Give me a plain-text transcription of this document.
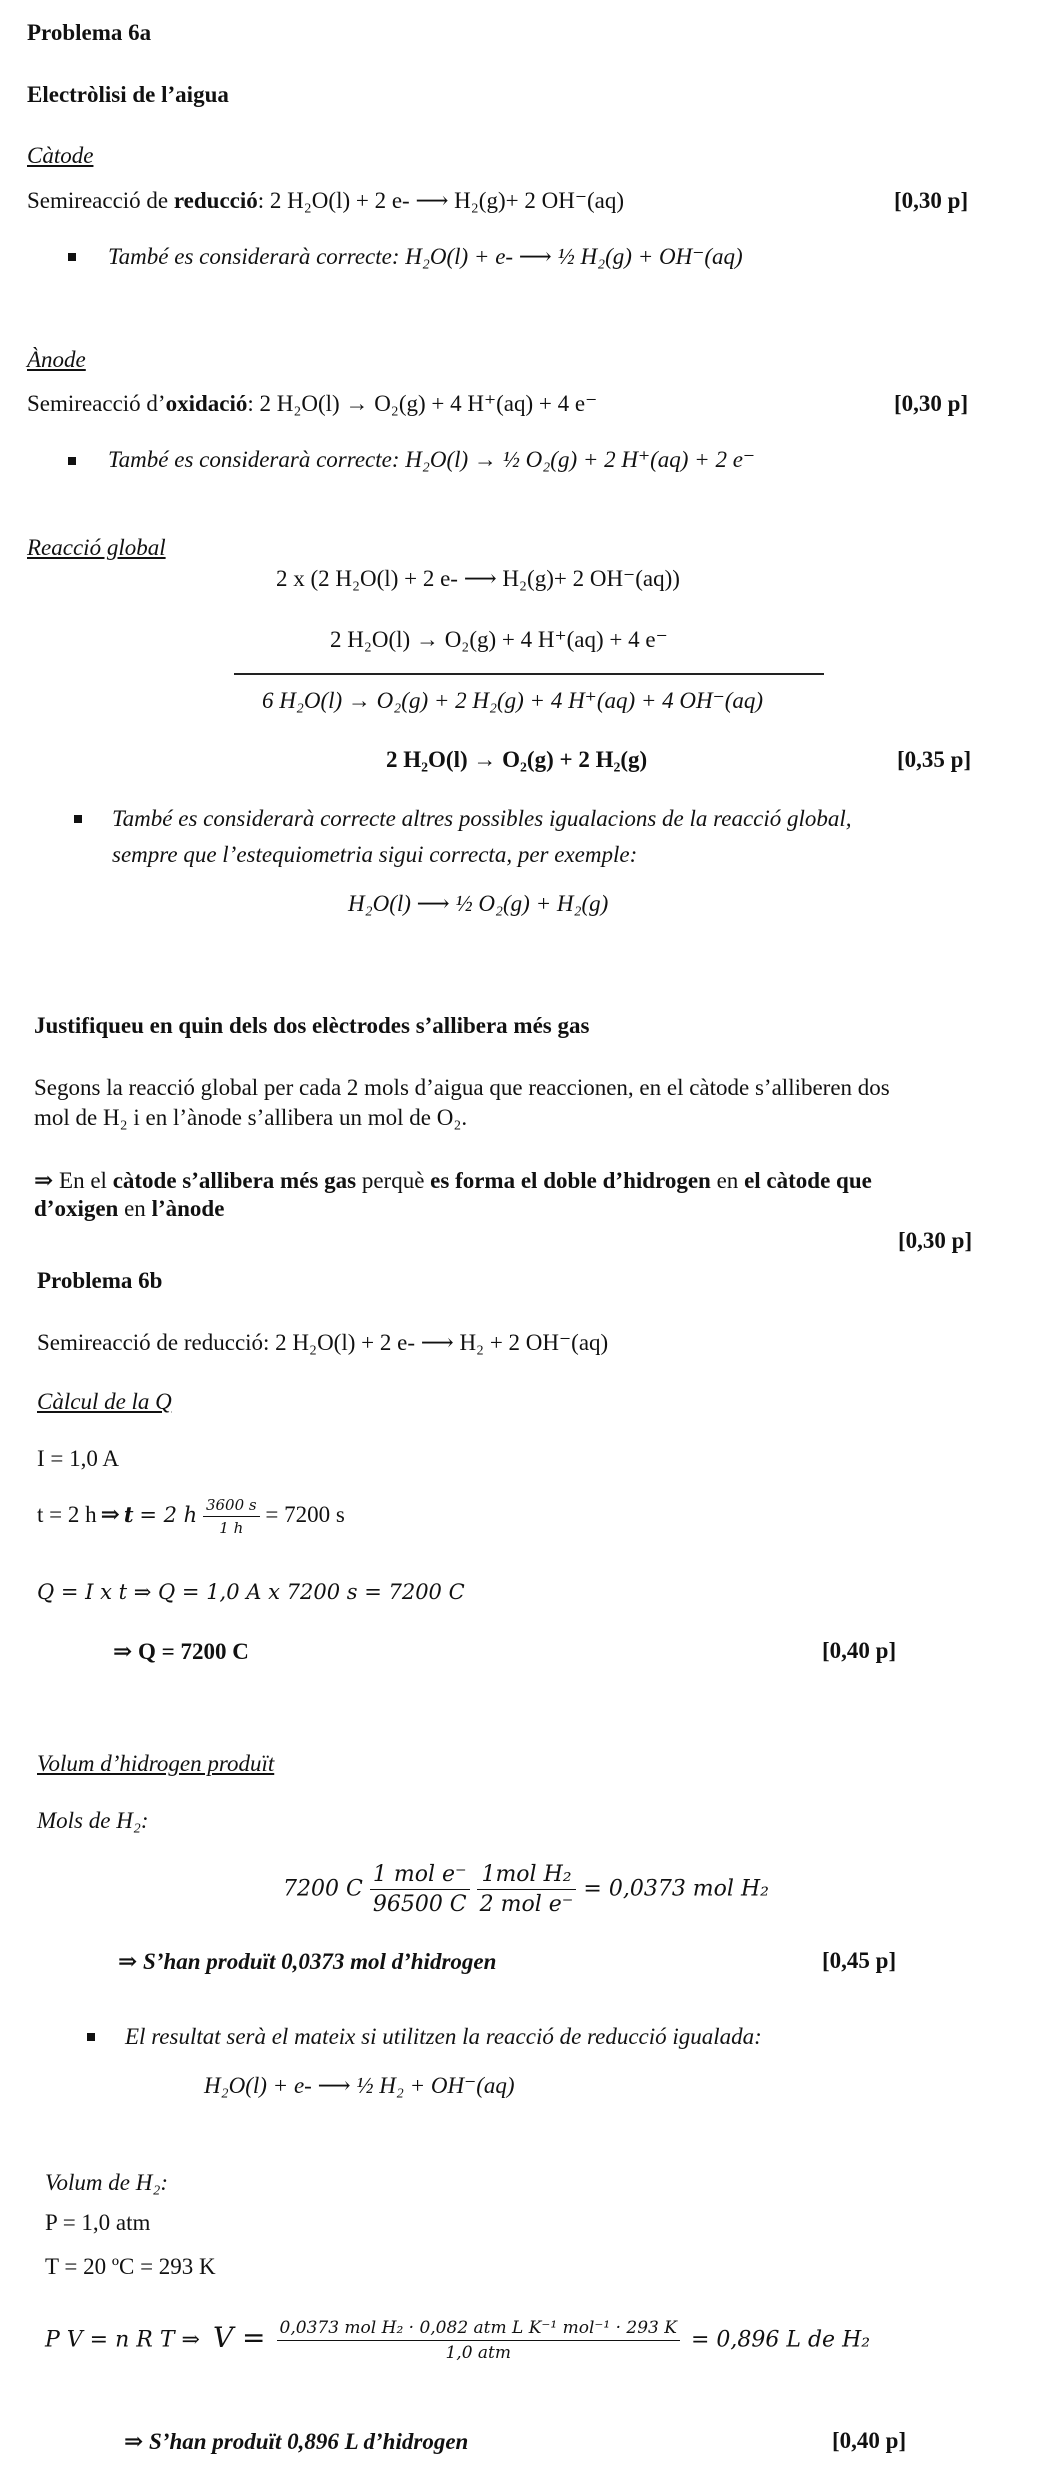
Problema 6a
Electròlisi de l’aigua
Càtode
Semireacció de reducció: 2 H₂O(l) + 2 e- ⟶ H₂(g)+ 2 OH⁻(aq)	[0,30 p]
També es considerarà correcte: H₂O(l) + e- ⟶ ½ H₂(g) + OH⁻(aq)
Ànode
Semireacció d’oxidació: 2 H₂O(l) → O₂(g) + 4 H⁺(aq) + 4 e⁻	[0,30 p]
També es considerarà correcte: H₂O(l) → ½ O₂(g) + 2 H⁺(aq) + 2 e⁻
Reacció global
2 x (2 H₂O(l) + 2 e- ⟶ H₂(g)+ 2 OH⁻(aq))
2 H₂O(l) → O₂(g) + 4 H⁺(aq) + 4 e⁻
6 H₂O(l) → O₂(g) + 2 H₂(g) + 4 H⁺(aq) + 4 OH⁻(aq)
2 H₂O(l) → O₂(g) + 2 H₂(g)	[0,35 p]
També es considerarà correcte altres possibles igualacions de la reacció global,
sempre que l’estequiometria sigui correcta, per exemple:
H₂O(l) ⟶ ½ O₂(g) + H₂(g)
Justifiqueu en quin dels dos elèctrodes s’allibera més gas
Segons la reacció global per cada 2 mols d’aigua que reaccionen, en el càtode s’alliberen dos
mol de H₂ i en l’ànode s’allibera un mol de O₂.
⇒ En el càtode s’allibera més gas perquè es forma el doble d’hidrogen en el càtode que
d’oxigen en l’ànode
[0,30 p]
Problema 6b
Semireacció de reducció: 2 H₂O(l) + 2 e- ⟶ H₂ + 2 OH⁻(aq)
Càlcul de la Q
I = 1,0 A
t = 2 h ⇒ t = 2 h $\frac{3600 s}{1 h} = 7200$ s
Q = I x t ⇒ Q = 1,0 A x 7200 s = 7200 C
⇒ Q = 7200 C	[0,40 p]
Volum d’hidrogen produït
Mols de H₂:
7200 C $\frac{\text{1 mol e⁻}}{96500 C}$
$\frac{\text{1mol H₂}}{\text{2 mol e⁻}} = 0,0373$ mol H₂
⇒ S’han produït 0,0373 mol d’hidrogen	[0,45 p]
El resultat serà el mateix si utilitzen la reacció de reducció igualada:
H₂O(l) + e- ⟶ ½ H₂ + OH⁻(aq)
Volum de H₂:
P = 1,0 atm
T = 20 ºC = 293 K
P V = n R T ⇒ $V = \frac{\text{0,0373 mol H₂ · 0,082 atm L K⁻¹ mol⁻¹ · 293 K}}{\text{1,0 atm}} = 0,896$ L de H₂
⇒ S’han produït 0,896 L d’hidrogen	[0,40 p]
